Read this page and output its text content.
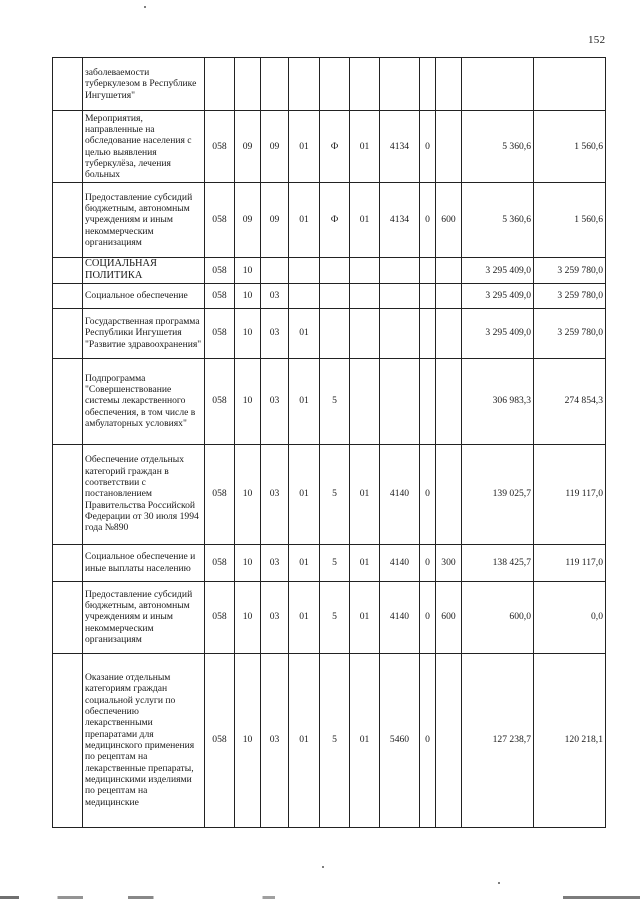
152
	заболеваемости туберкулезом в Республике Ингушетия"											
	Мероприятия, направленные на обследование населения с целью выявления туберкулёза, лечения больных	058	09	09	01	Ф	01	4134	0		5 360,6	1 560,6
	Предоставление субсидий бюджетным, автономным учреждениям и иным некоммерческим организациям	058	09	09	01	Ф	01	4134	0	600	5 360,6	1 560,6
	СОЦИАЛЬНАЯ ПОЛИТИКА	058	10								3 295 409,0	3 259 780,0
	Социальное обеспечение	058	10	03							3 295 409,0	3 259 780,0
	Государственная программа Республики Ингушетия "Развитие здравоохранения"	058	10	03	01						3 295 409,0	3 259 780,0
	Подпрограмма "Совершенствование системы лекарственного обеспечения, в том числе в амбулаторных условиях"	058	10	03	01	5					306 983,3	274 854,3
	Обеспечение отдельных категорий граждан в соответствии с постановлением Правительства Российской Федерации от 30 июля 1994 года №890	058	10	03	01	5	01	4140	0		139 025,7	119 117,0
	Социальное обеспечение и иные выплаты населению	058	10	03	01	5	01	4140	0	300	138 425,7	119 117,0
	Предоставление субсидий бюджетным, автономным учреждениям и иным некоммерческим организациям	058	10	03	01	5	01	4140	0	600	600,0	0,0
	Оказание отдельным категориям граждан социальной услуги по обеспечению лекарственными препаратами для медицинского применения по рецептам на лекарственные препараты, медицинскими изделиями по рецептам на медицинские	058	10	03	01	5	01	5460	0		127 238,7	120 218,1
